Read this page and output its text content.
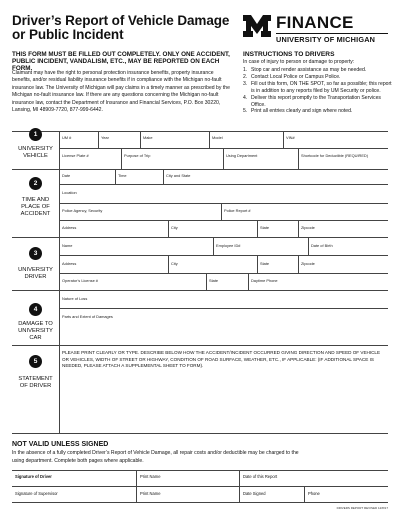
Driver’s Report of Vehicle Damage
or Public Incident
FINANCE
UNIVERSITY OF MICHIGAN
THIS FORM MUST BE FILLED OUT COMPLETELY. ONLY ONE ACCIDENT, PUBLIC INCIDENT, VANDALISM, ETC., MAY BE REPORTED ON EACH FORM.
Claimant may have the right to personal protection insurance benefits, property insurance benefits, and/or residual liability insurance benefits if in compliance with the Michigan no-fault insurance law. The University of Michigan will pay claims in a timely manner as prescribed by the Michigan no-fault insurance law. If there are any questions concerning the Michigan no-fault insurance law, contact the Department of Insurance and Financial Services, P.O. Box 30220, Lansing, MI 48909-7720, 877-999-6442.
INSTRUCTIONS TO DRIVERS
In case of injury to person or damage to property:
1. Stop car and render assistance as may be needed.
2. Contact Local Police or Campus Police.
3. Fill out this form, ON THE SPOT, so far as possible; this report is in addition to any reports filed by UM Security or police.
4. Deliver this report promptly to the Transportation Services Office.
5. Print all entries clearly and sign where noted.
1
UNIVERSITY
VEHICLE
UM #	Year	Make	Model	VIN#
License Plate #	Purpose of Trip	Using Department	Shortcode for Deductible (REQUIRED)
2
TIME AND
PLACE OF
ACCIDENT
Date	Time	City and State
Location
Police Agency, Security	Police Report #
Address	City	State	Zipcode
3
UNIVERSITY
DRIVER
Name	Employee ID#	Date of Birth
Address	City	State	Zipcode
Operator’s License #	State	Daytime Phone
4
DAMAGE TO
UNIVERSITY
CAR
Nature of Loss
Parts and Extent of Damages
5
STATEMENT
OF DRIVER
PLEASE PRINT CLEARLY OR TYPE. DESCRIBE BELOW HOW THE ACCIDENT/INCIDENT OCCURRED GIVING DIRECTION AND SPEED OF VEHICLE OR VEHICLES, WIDTH OF STREET OR HIGHWAY, CONDITION OF ROAD SURFACE, WEATHER, ETC., IF APPLICABLE: (IF ADDITIONAL SPACE IS NEEDED, PLEASE ATTACH A SUPPLEMENTAL SHEET TO FORM).
NOT VALID UNLESS SIGNED
In the absence of a fully completed Driver’s Report of Vehicle Damage, all repair costs and/or deductible may be charged to the using department. Complete both pages where applicable.
Signature of Driver	Print Name	Date of this Report
Signature of Supervisor	Print Name	Date Signed	Phone
DRIVERS REPORT REVISED 12/8/17
